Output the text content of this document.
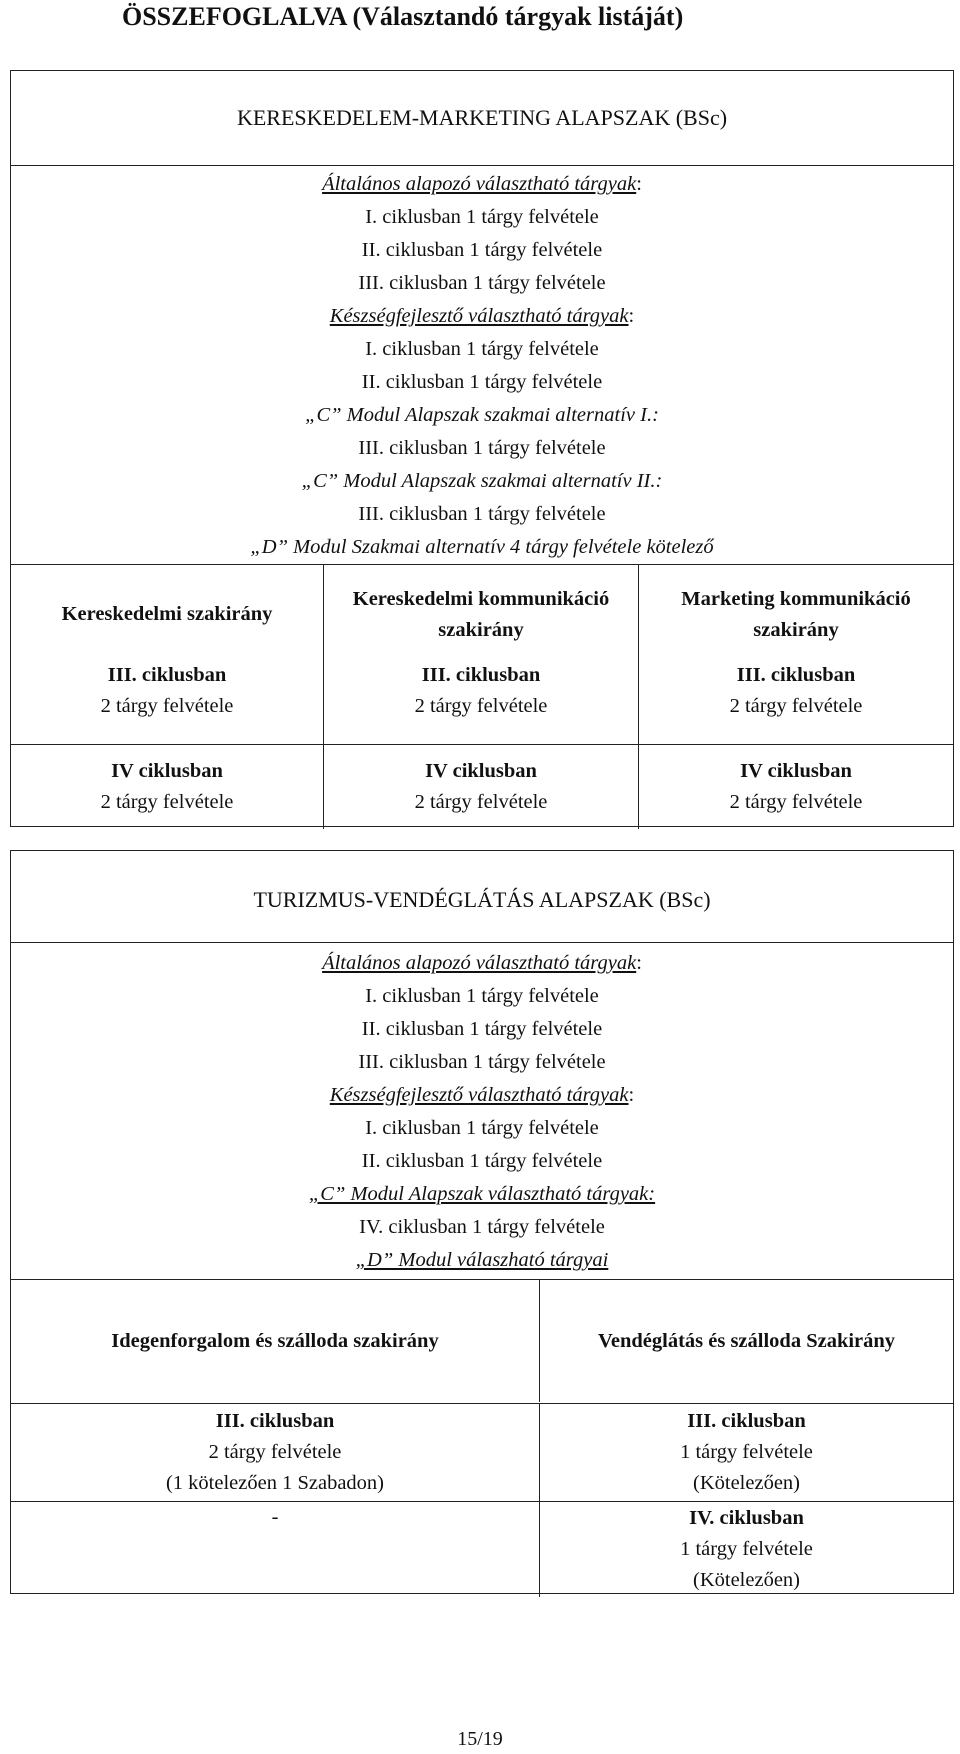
ÖSSZEFOGLALVA (Választandó tárgyak listáját)
KERESKEDELEM-MARKETING ALAPSZAK (BSc)
Általános alapozó választható tárgyak:
I. ciklusban 1 tárgy felvétele
II. ciklusban 1 tárgy felvétele
III. ciklusban 1 tárgy felvétele
Készségfejlesztő választható tárgyak:
I. ciklusban 1 tárgy felvétele
II. ciklusban 1 tárgy felvétele
„C” Modul Alapszak szakmai alternatív I.:
III. ciklusban 1 tárgy felvétele
„C” Modul Alapszak szakmai alternatív II.:
III. ciklusban 1 tárgy felvétele
„D” Modul Szakmai alternatív 4 tárgy felvétele kötelező
Kereskedelmi szakirány
Kereskedelmi kommunikáció szakirány
Marketing kommunikáció szakirány
III. ciklusban
2 tárgy felvétele
III. ciklusban
2 tárgy felvétele
III. ciklusban
2 tárgy felvétele
IV ciklusban
2 tárgy felvétele
IV ciklusban
2 tárgy felvétele
IV ciklusban
2 tárgy felvétele
TURIZMUS-VENDÉGLÁTÁS ALAPSZAK (BSc)
Általános alapozó választható tárgyak:
I. ciklusban 1 tárgy felvétele
II. ciklusban 1 tárgy felvétele
III. ciklusban 1 tárgy felvétele
Készségfejlesztő választható tárgyak:
I. ciklusban 1 tárgy felvétele
II. ciklusban 1 tárgy felvétele
„C” Modul Alapszak választható tárgyak:
IV. ciklusban 1 tárgy felvétele
„D” Modul válaszható tárgyai
Idegenforgalom és szálloda szakirány	Vendéglátás és szálloda Szakirány
III. ciklusban
2 tárgy felvétele
(1 kötelezően 1 Szabadon)
III. ciklusban
1 tárgy felvétele
(Kötelezően)
-	IV. ciklusban
1 tárgy felvétele
(Kötelezően)
15/19
